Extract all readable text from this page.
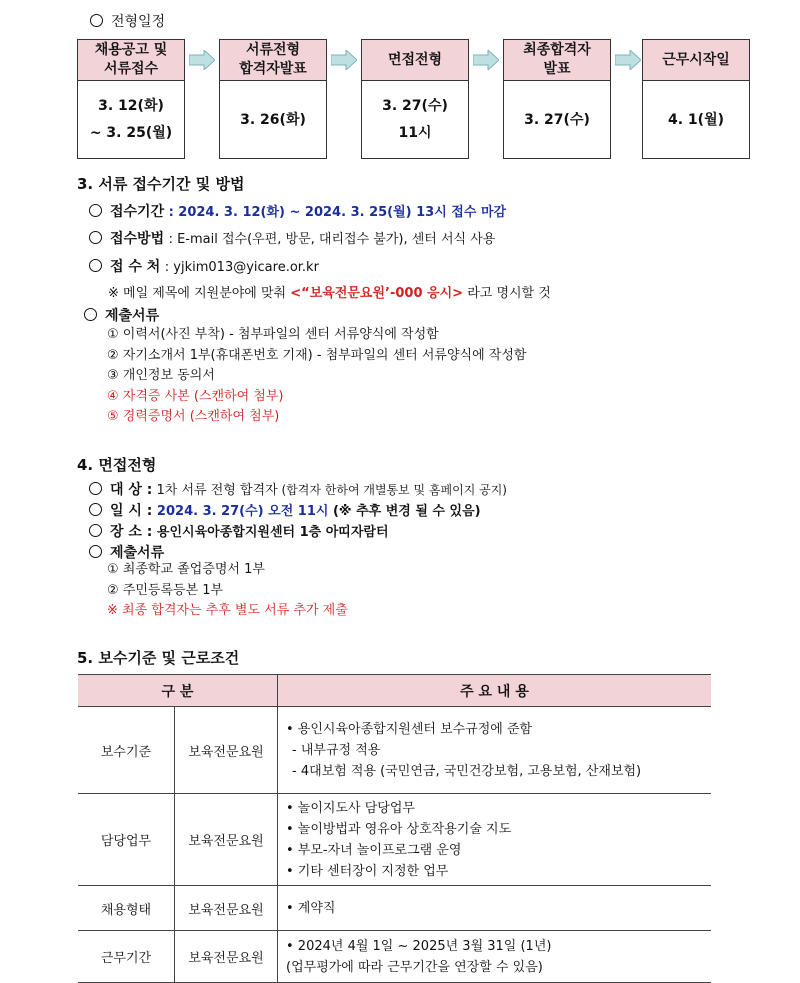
전형일정
채용공고 및
서류접수
3. 12(화)
~ 3. 25(월)
서류전형
합격자발표
3. 26(화)
면접전형
3. 27(수)
11시
최종합격자
발표
3. 27(수)
근무시작일
4. 1(월)
3. 서류 접수기간 및 방법
접수기간 : 2024. 3. 12(화) ~ 2024. 3. 25(월) 13시 접수 마감
접수방법 : E-mail 접수(우편, 방문, 대리접수 불가), 센터 서식 사용
접 수 처 : yjkim013@yicare.or.kr
※ 메일 제목에 지원분야에 맞춰 <“보육전문요원’-000 응시> 라고 명시할 것
제출서류
① 이력서(사진 부착) - 첨부파일의 센터 서류양식에 작성함
② 자기소개서 1부(휴대폰번호 기재) - 첨부파일의 센터 서류양식에 작성함
③ 개인정보 동의서
④ 자격증 사본 (스캔하여 첨부)
⑤ 경력증명서 (스캔하여 첨부)
4. 면접전형
대 상 : 1차 서류 전형 합격자 (합격자 한하여 개별통보 및 홈페이지 공지)
일 시 : 2024. 3. 27(수) 오전 11시 (※ 추후 변경 될 수 있음)
장 소 : 용인시육아종합지원센터 1층 아띠자람터
제출서류
① 최종학교 졸업증명서 1부
② 주민등록등본 1부
※ 최종 합격자는 추후 별도 서류 추가 제출
5. 보수기준 및 근로조건
구 분		주 요 내 용
보수기준	보육전문요원	• 용인시육아종합지원센터 보수규정에 준함
- 내부규정 적용
- 4대보험 적용 (국민연금, 국민건강보험, 고용보험, 산재보험)

담당업무	보육전문요원	• 놀이지도사 담당업무
• 놀이방법과 영유아 상호작용기술 지도
• 부모-자녀 놀이프로그램 운영
• 기타 센터장이 지정한 업무

채용형태	보육전문요원	• 계약직

근무기간	보육전문요원	• 2024년 4월 1일 ~ 2025년 3월 31일 (1년)
(업무평가에 따라 근무기간을 연장할 수 있음)
